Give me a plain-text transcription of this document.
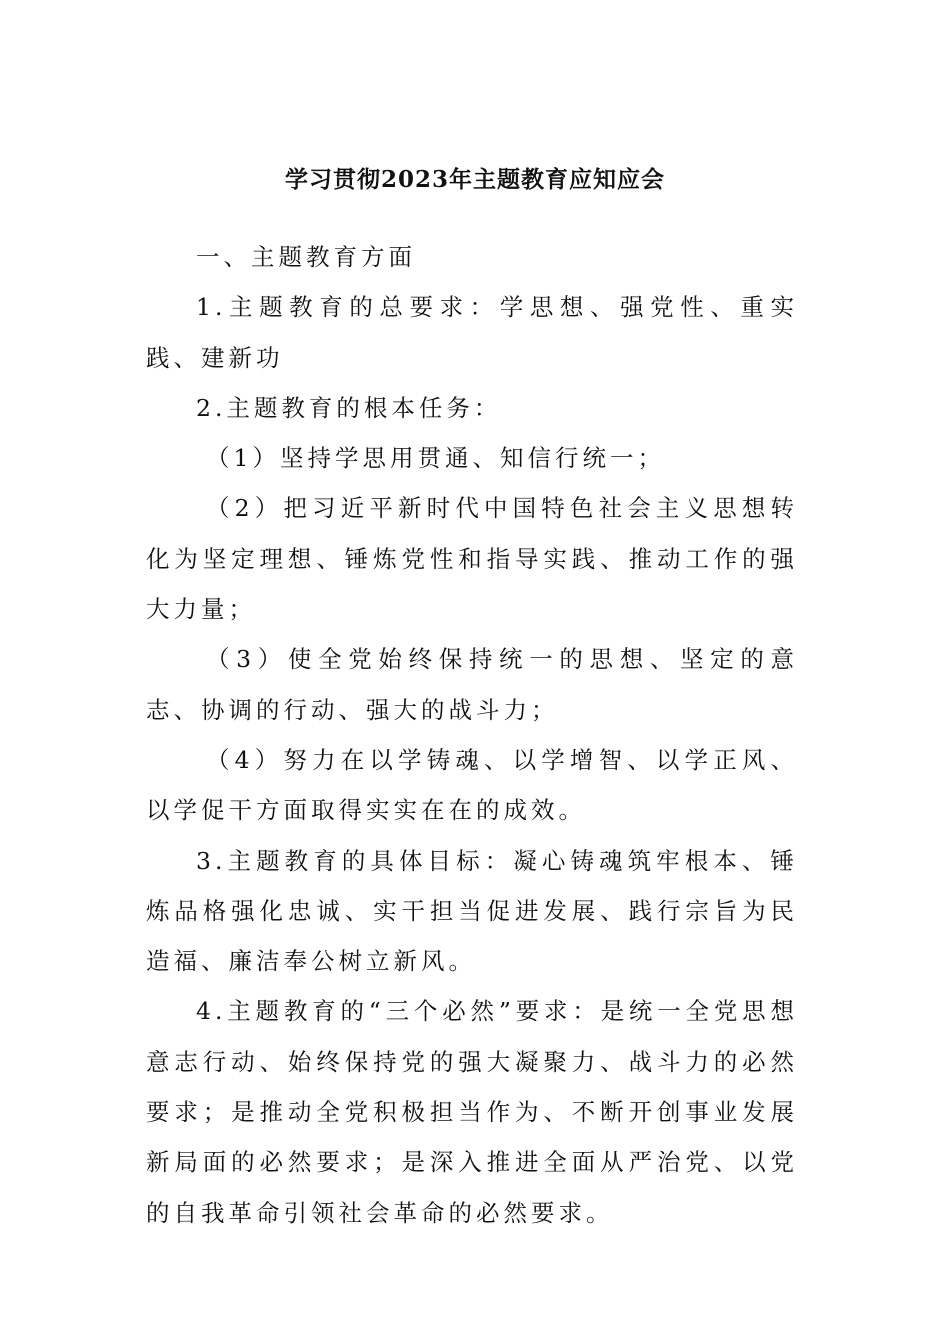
学习贯彻2023年主题教育应知应会

一、主题教育方面

1.主题教育的总要求：学思想、强党性、重实践、建新功

2.主题教育的根本任务：

（1）坚持学思用贯通、知信行统一；

（2）把习近平新时代中国特色社会主义思想转化为坚定理想、锤炼党性和指导实践、推动工作的强大力量；

（3）使全党始终保持统一的思想、坚定的意志、协调的行动、强大的战斗力；

（4）努力在以学铸魂、以学增智、以学正风、以学促干方面取得实实在在的成效。

3.主题教育的具体目标：凝心铸魂筑牢根本、锤炼品格强化忠诚、实干担当促进发展、践行宗旨为民造福、廉洁奉公树立新风。

4.主题教育的“三个必然”要求：是统一全党思想意志行动、始终保持党的强大凝聚力、战斗力的必然要求；是推动全党积极担当作为、不断开创事业发展新局面的必然要求；是深入推进全面从严治党、以党的自我革命引领社会革命的必然要求。
